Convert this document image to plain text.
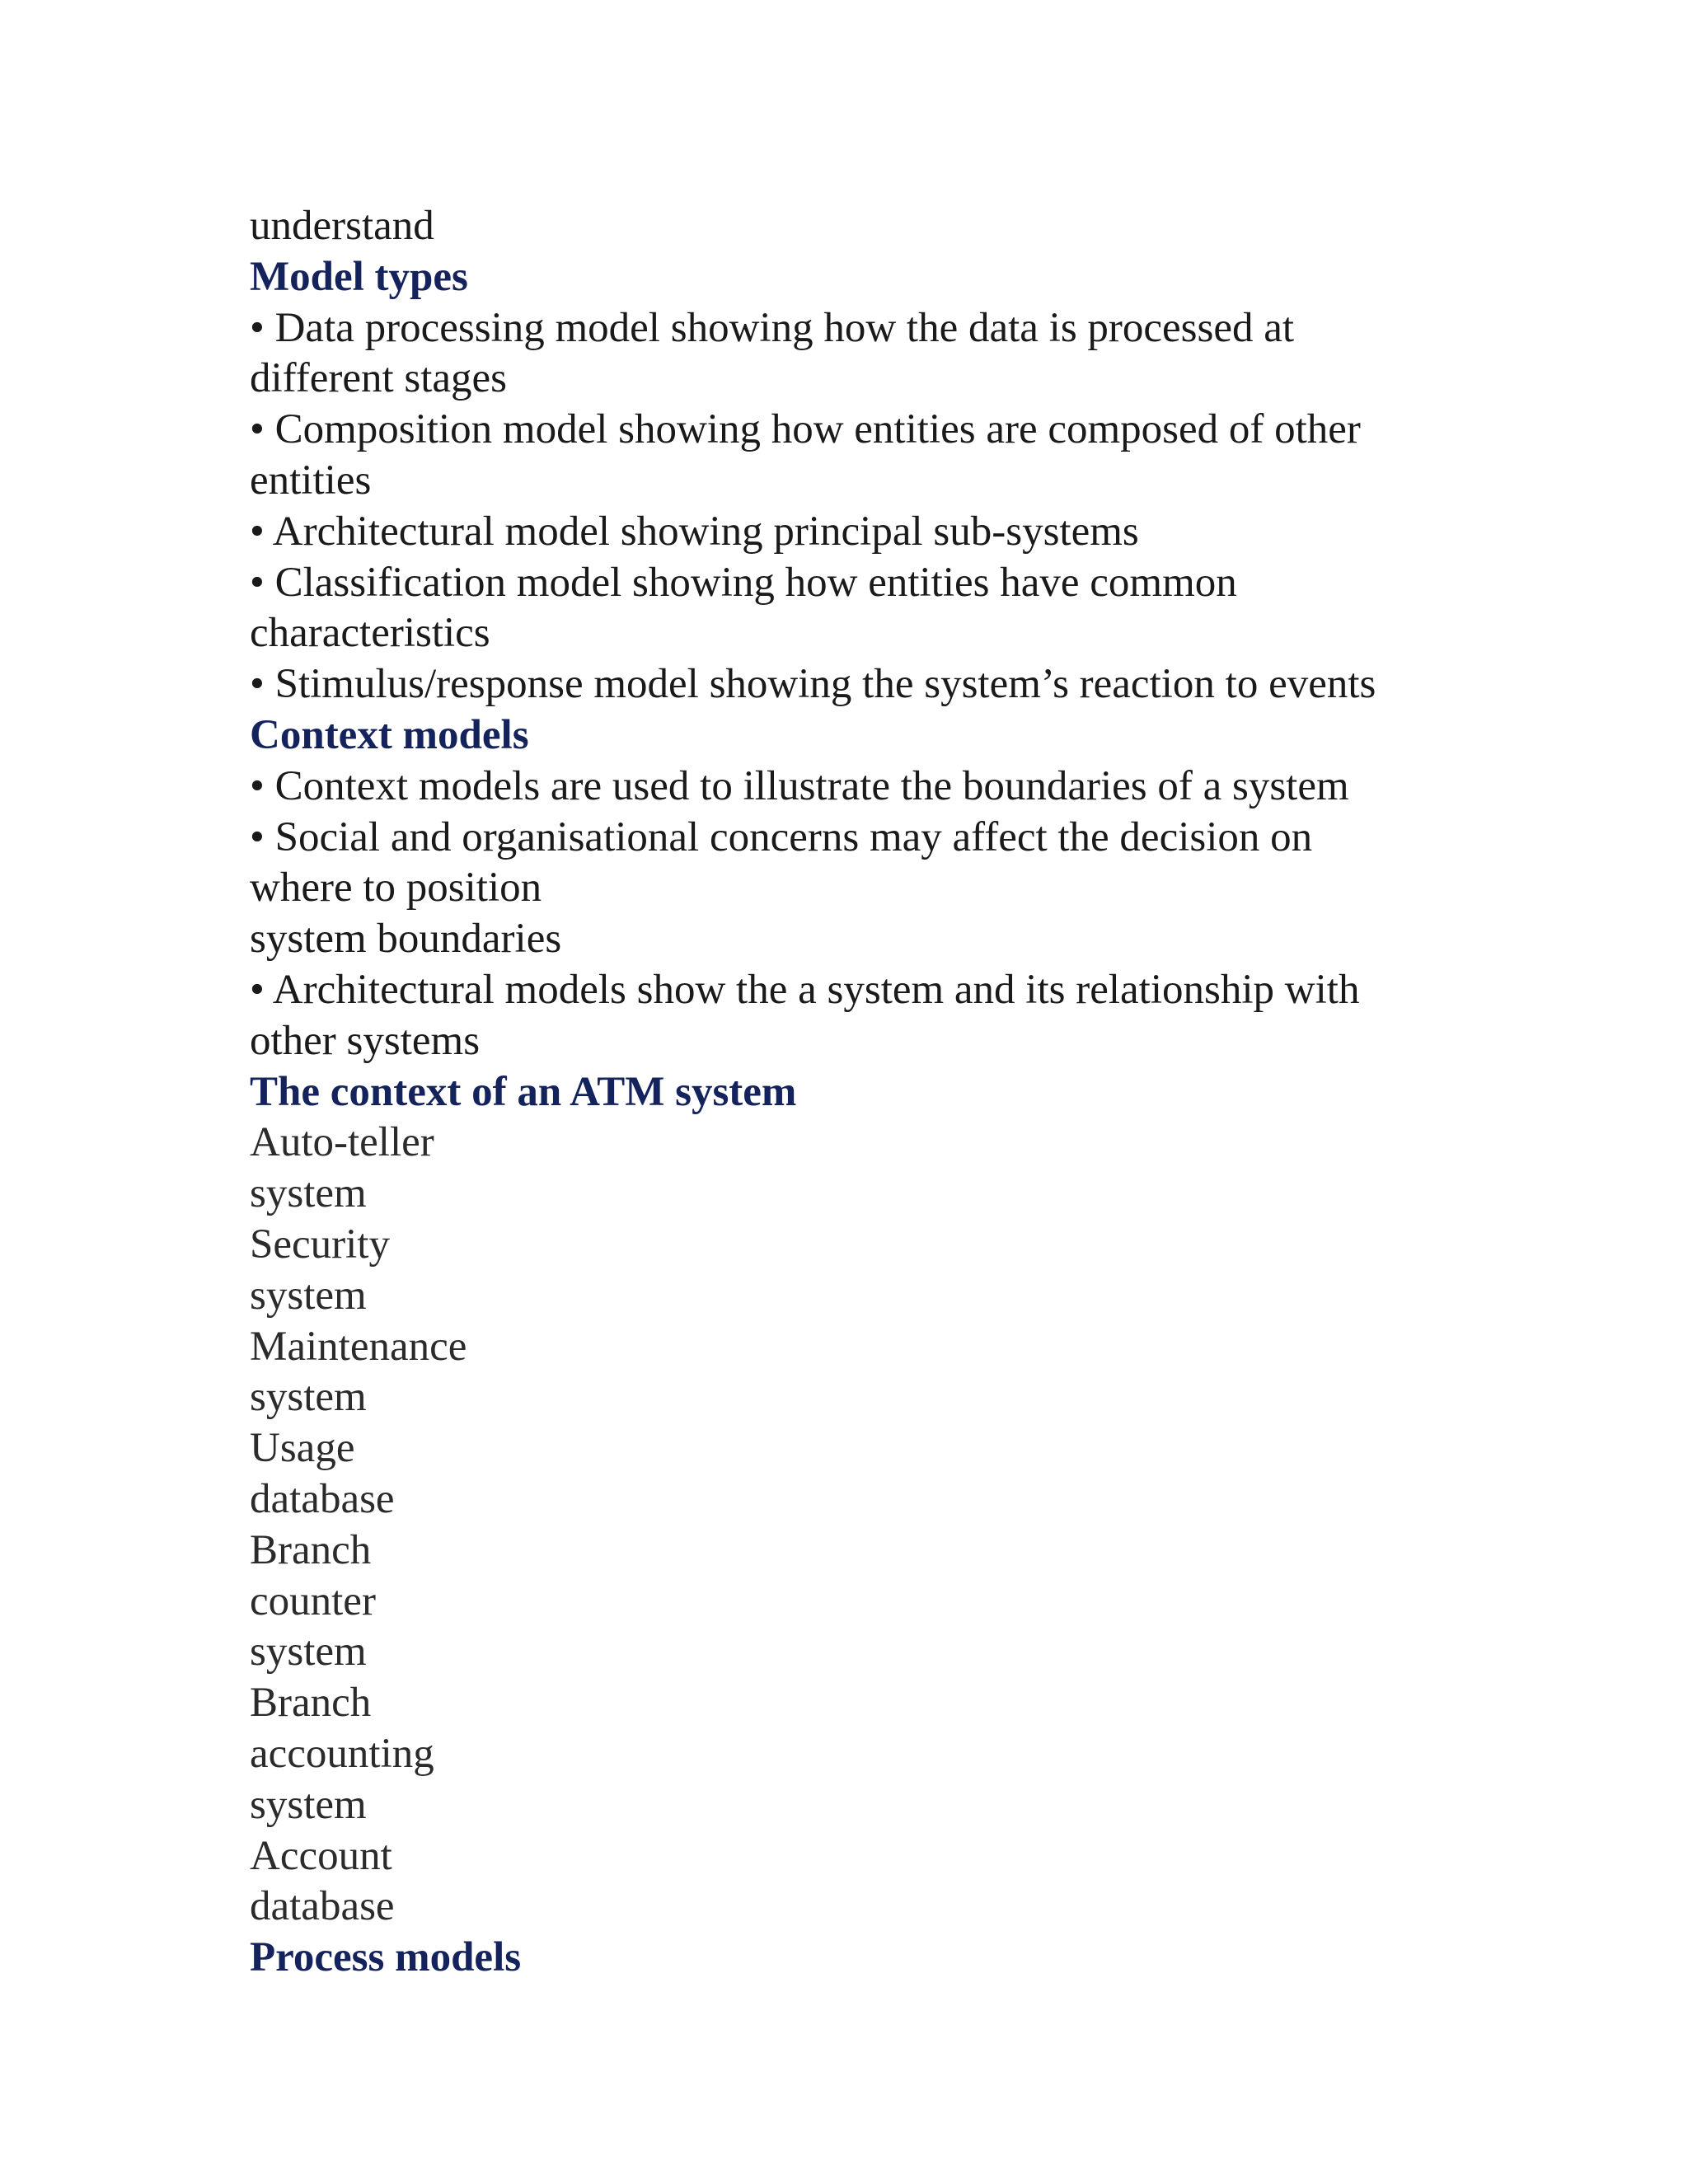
understand
Model types
• Data processing model showing how the data is processed at
different stages
• Composition model showing how entities are composed of other
entities
• Architectural model showing principal sub-systems
• Classification model showing how entities have common
characteristics
• Stimulus/response model showing the system’s reaction to events
Context models
• Context models are used to illustrate the boundaries of a system
• Social and organisational concerns may affect the decision on
where to position
system boundaries
• Architectural models show the a system and its relationship with
other systems
The context of an ATM system
Auto-teller
system
Security
system
Maintenance
system
Usage
database
Branch
counter
system
Branch
accounting
system
Account
database
Process models
